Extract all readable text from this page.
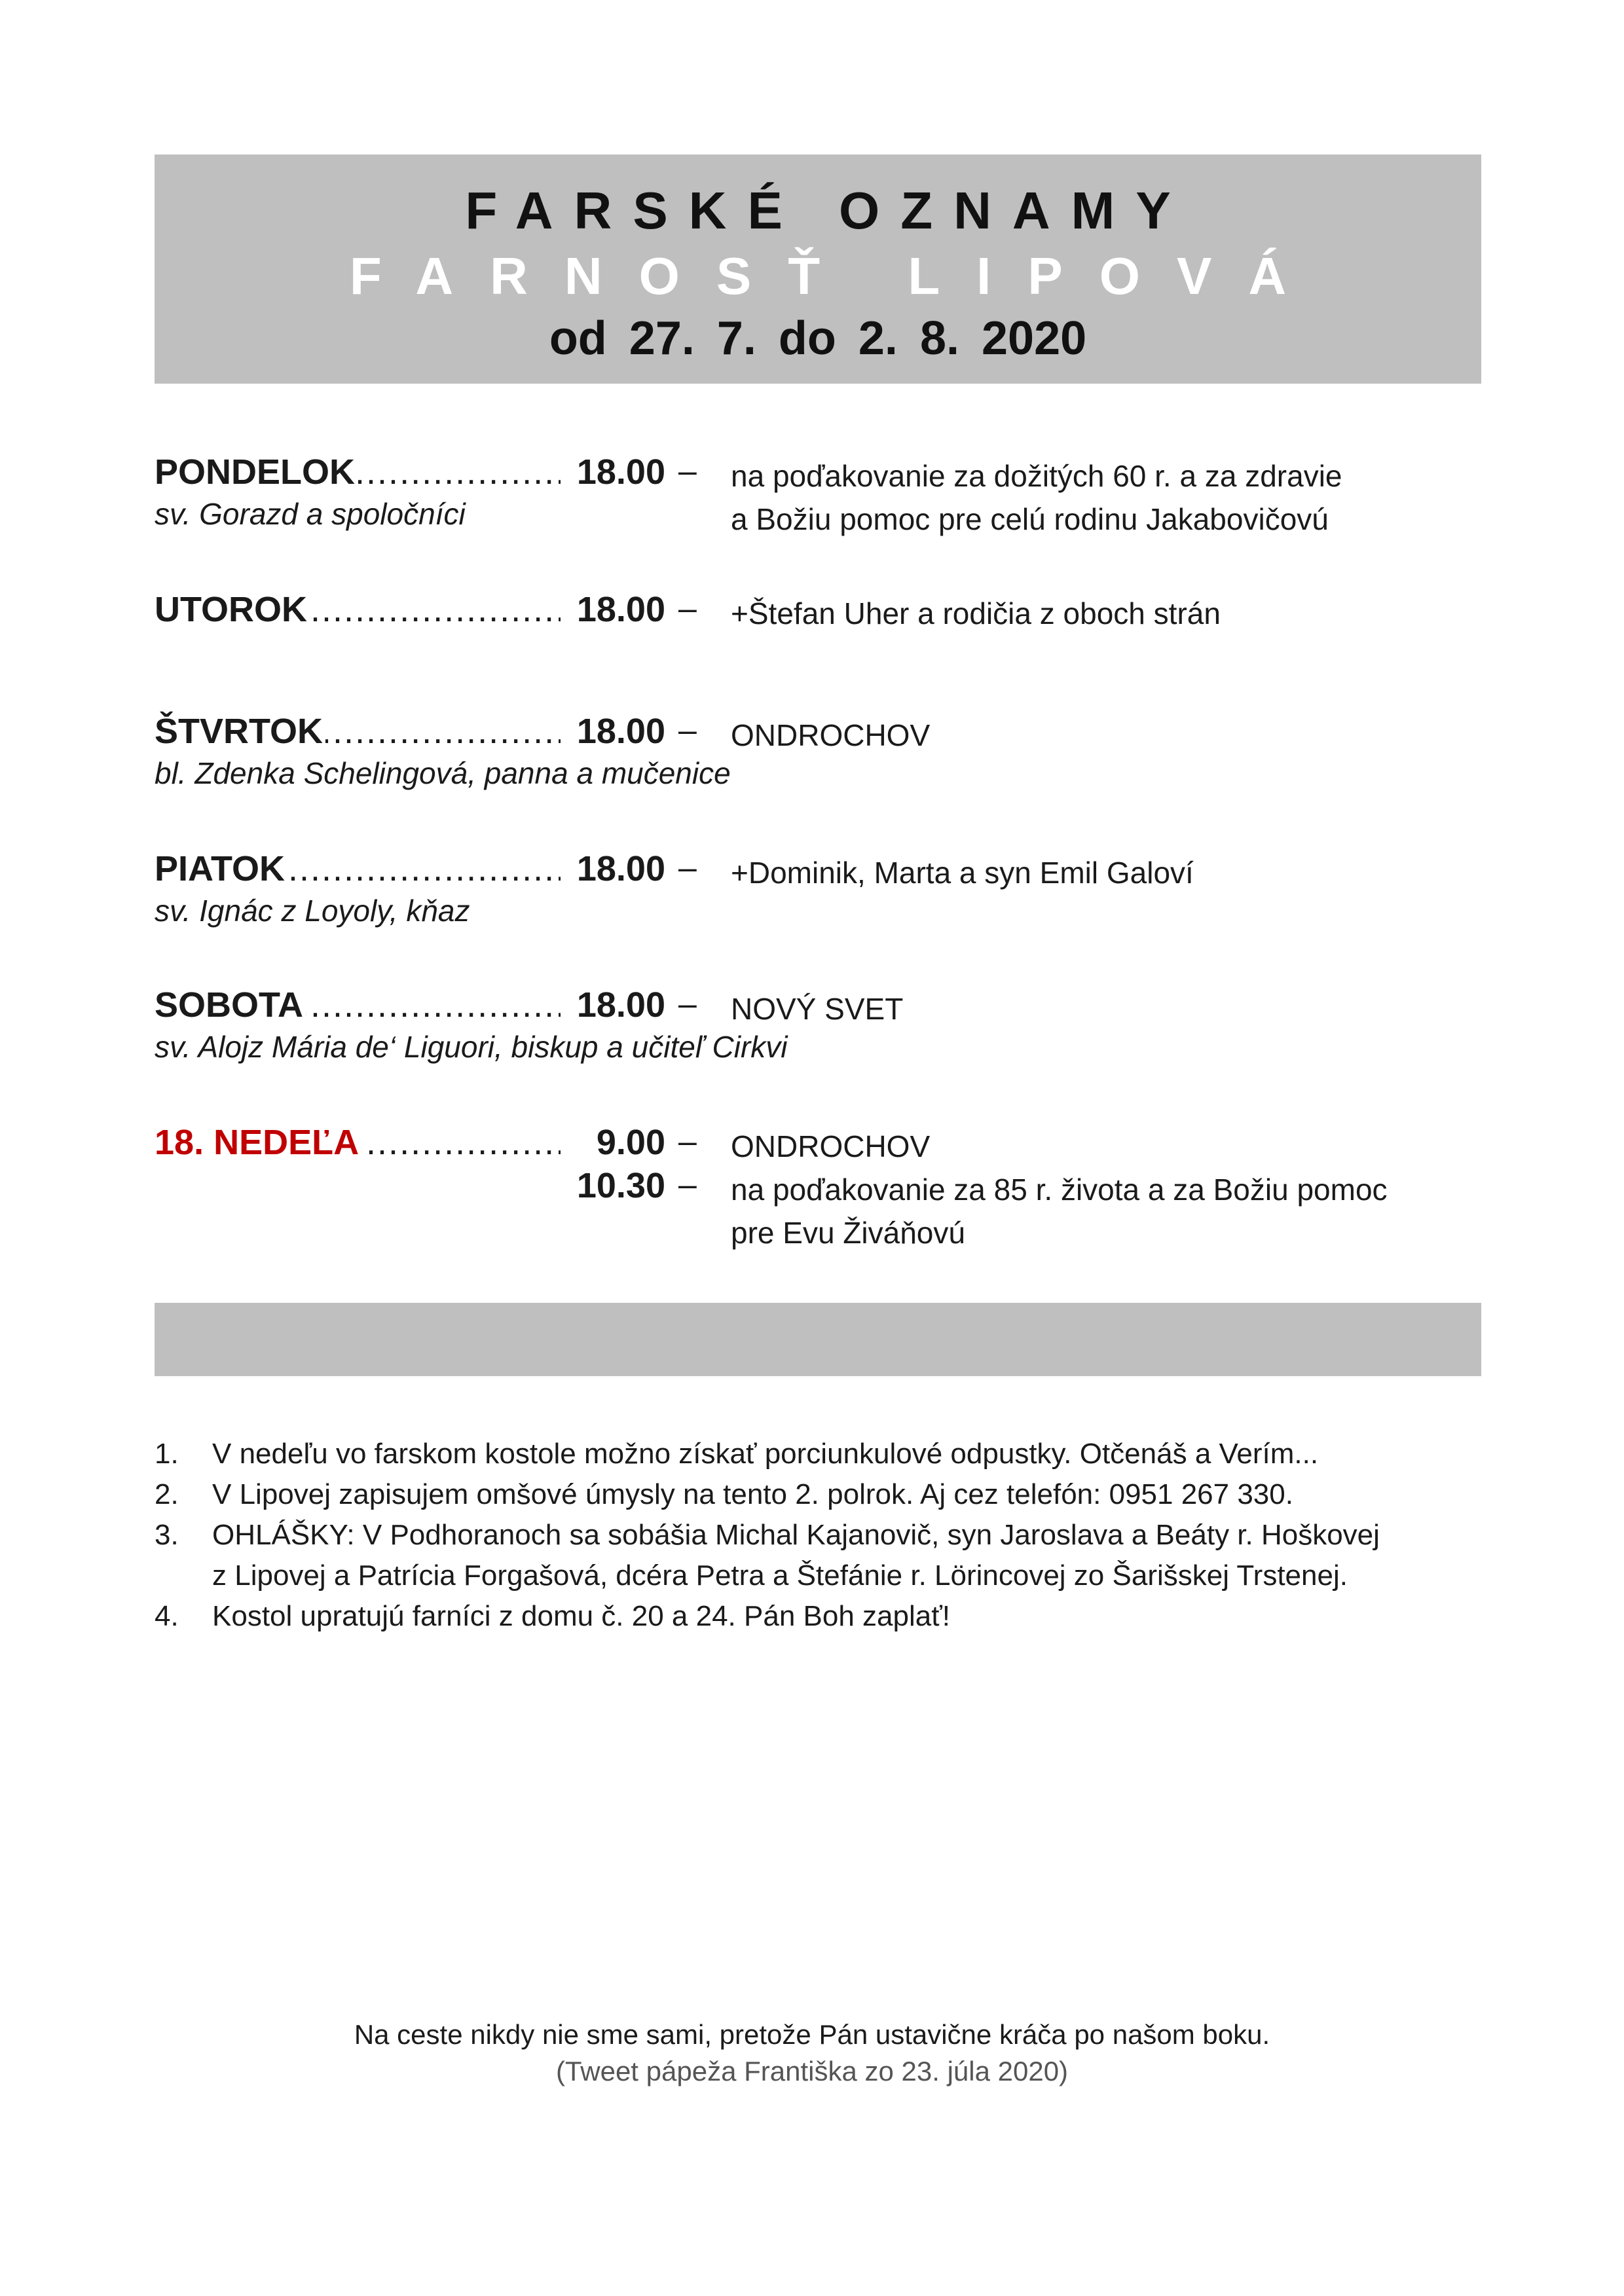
FARSKÉ OZNAMY
FARNOSŤ LIPOVÁ
od 27. 7. do 2. 8. 2020
PONDELOK .....	18.00 – na poďakovanie za dožitých 60 r. a za zdravie
a Božiu pomoc pre celú rodinu Jakabovičovú
sv. Gorazd a spoločníci
UTOROK .....	18.00 – +Štefan Uher a rodičia z oboch strán
ŠTVRTOK .....	18.00 – ONDROCHOV
bl. Zdenka Schelingová, panna a mučenice
PIATOK .....	18.00 – +Dominik, Marta a syn Emil Galoví
sv. Ignác z Loyoly, kňaz
SOBOTA .....	18.00 – NOVÝ SVET
sv. Alojz Mária de‘ Liguori, biskup a učiteľ Cirkvi
18. NEDEĽA .....	9.00 – ONDROCHOV
10.30 – na poďakovanie za 85 r. života a za Božiu pomoc
pre Evu Živáňovú
1. V nedeľu vo farskom kostole možno získať porciunkulové odpustky. Otčenáš a Verím...
2. V Lipovej zapisujem omšové úmysly na tento 2. polrok. Aj cez telefón: 0951 267 330.
3. OHLÁŠKY: V Podhoranoch sa sobášia Michal Kajanovič, syn Jaroslava a Beáty r. Hoškovej
z Lipovej a Patrícia Forgašová, dcéra Petra a Štefánie r. Lörincovej zo Šarišskej Trstenej.
4. Kostol upratujú farníci z domu č. 20 a 24. Pán Boh zaplať!
Na ceste nikdy nie sme sami, pretože Pán ustavične kráča po našom boku.
(Tweet pápeža Františka zo 23. júla 2020)
